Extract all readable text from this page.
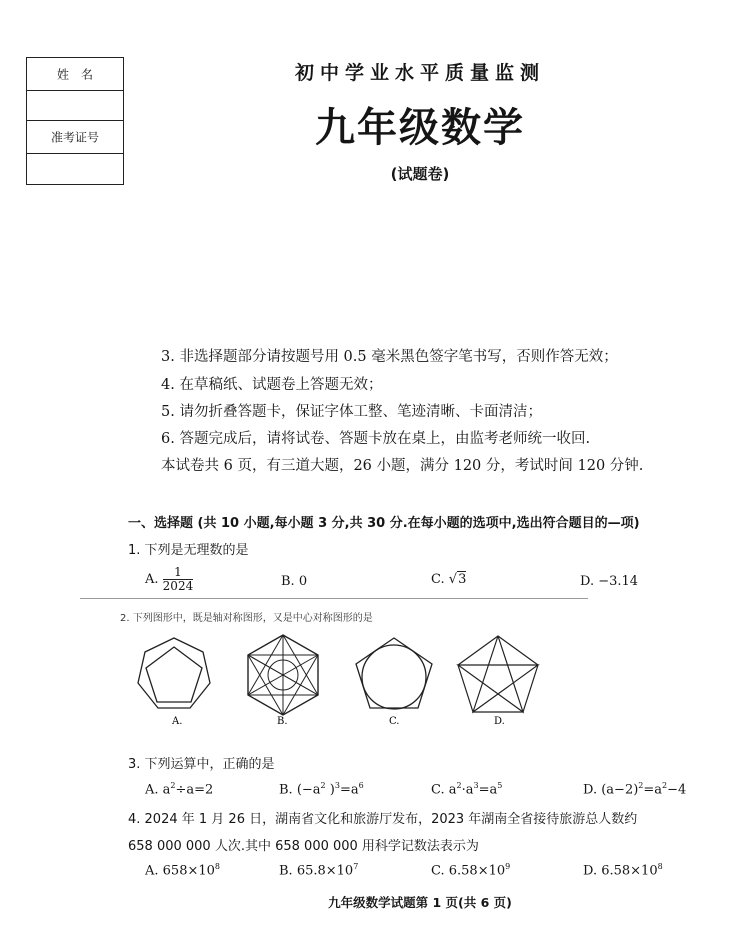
姓　名
准考证号
初中学业水平质量监测
九年级数学
(试题卷)
3. 非选择题部分请按题号用 0.5 毫米黑色签字笔书写，否则作答无效；
4. 在草稿纸、试题卷上答题无效；
5. 请勿折叠答题卡，保证字体工整、笔迹清晰、卡面清洁；
6. 答题完成后，请将试卷、答题卡放在桌上，由监考老师统一收回.
本试卷共 6 页，有三道大题，26 小题，满分 120 分，考试时间 120 分钟.
一、选择题 (共 10 小题,每小题 3 分,共 30 分.在每小题的选项中,选出符合题目的—项)
1. 下列是无理数的是
A. $\frac{1}{2024}$	B. 0	C. √3	D. −3.14
2. 下列图形中，既是轴对称图形，又是中心对称图形的是
A.	B.	C.	D.
3. 下列运算中，正确的是
A. $a^2\div a=2$	B. ($-a^2$ )$^3=a^6$	C. $a^2\cdot a^3=a^5$	D. $(a-2)^2=a^2-4$
4. 2024 年 1 月 26 日，湖南省文化和旅游厅发布，2023 年湖南全省接待旅游总人数约
658 000 000 人次.其中 658 000 000 用科学记数法表示为
A. $658\times 10^8$	B. $65.8\times 10^7$	C. $6.58\times 10^9$	D. $6.58\times 10^8$
九年级数学试题第 1 页(共 6 页)
